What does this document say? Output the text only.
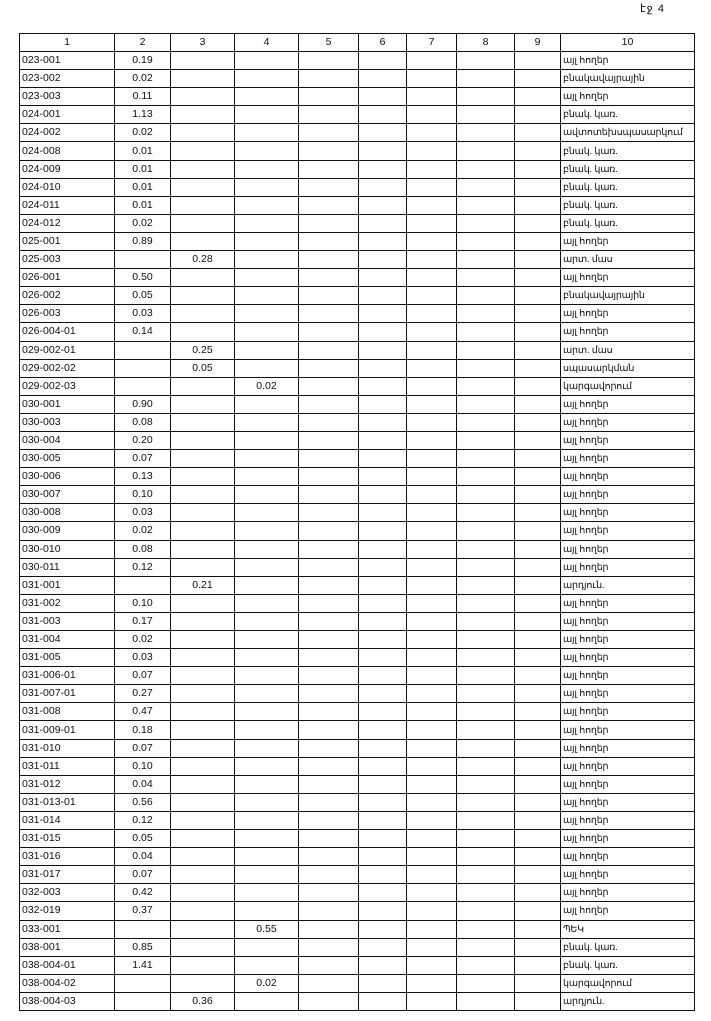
էջ 4
1	2	3	4	5	6	7	8	9	10
023-001	0.19								այլ հողեր
023-002	0.02								բնակավայրային
023-003	0.11								այլ հողեր
024-001	1.13								բնակ. կառ.
024-002	0.02								ավտոտեխսպասարկում
024-008	0.01								բնակ. կառ.
024-009	0.01								բնակ. կառ.
024-010	0.01								բնակ. կառ.
024-011	0.01								բնակ. կառ.
024-012	0.02								բնակ. կառ.
025-001	0.89								այլ հողեր
025-003		0.28							արտ. մաս
026-001	0.50								այլ հողեր
026-002	0.05								բնակավայրային
026-003	0.03								այլ հողեր
026-004-01	0.14								այլ հողեր
029-002-01		0.25							արտ. մաս
029-002-02		0.05							սպասարկման
029-002-03			0.02						կարգավորում
030-001	0.90								այլ հողեր
030-003	0.08								այլ հողեր
030-004	0.20								այլ հողեր
030-005	0.07								այլ հողեր
030-006	0.13								այլ հողեր
030-007	0.10								այլ հողեր
030-008	0.03								այլ հողեր
030-009	0.02								այլ հողեր
030-010	0.08								այլ հողեր
030-011	0.12								այլ հողեր
031-001		0.21							արդյուն.
031-002	0.10								այլ հողեր
031-003	0.17								այլ հողեր
031-004	0.02								այլ հողեր
031-005	0.03								այլ հողեր
031-006-01	0.07								այլ հողեր
031-007-01	0.27								այլ հողեր
031-008	0.47								այլ հողեր
031-009-01	0.18								այլ հողեր
031-010	0.07								այլ հողեր
031-011	0.10								այլ հողեր
031-012	0.04								այլ հողեր
031-013-01	0.56								այլ հողեր
031-014	0.12								այլ հողեր
031-015	0.05								այլ հողեր
031-016	0.04								այլ հողեր
031-017	0.07								այլ հողեր
032-003	0.42								այլ հողեր
032-019	0.37								այլ հողեր
033-001			0.55						ՊԵԿ
038-001	0.85								բնակ. կառ.
038-004-01	1.41								բնակ. կառ.
038-004-02			0.02						կարգավորում
038-004-03		0.36							արդյուն.
